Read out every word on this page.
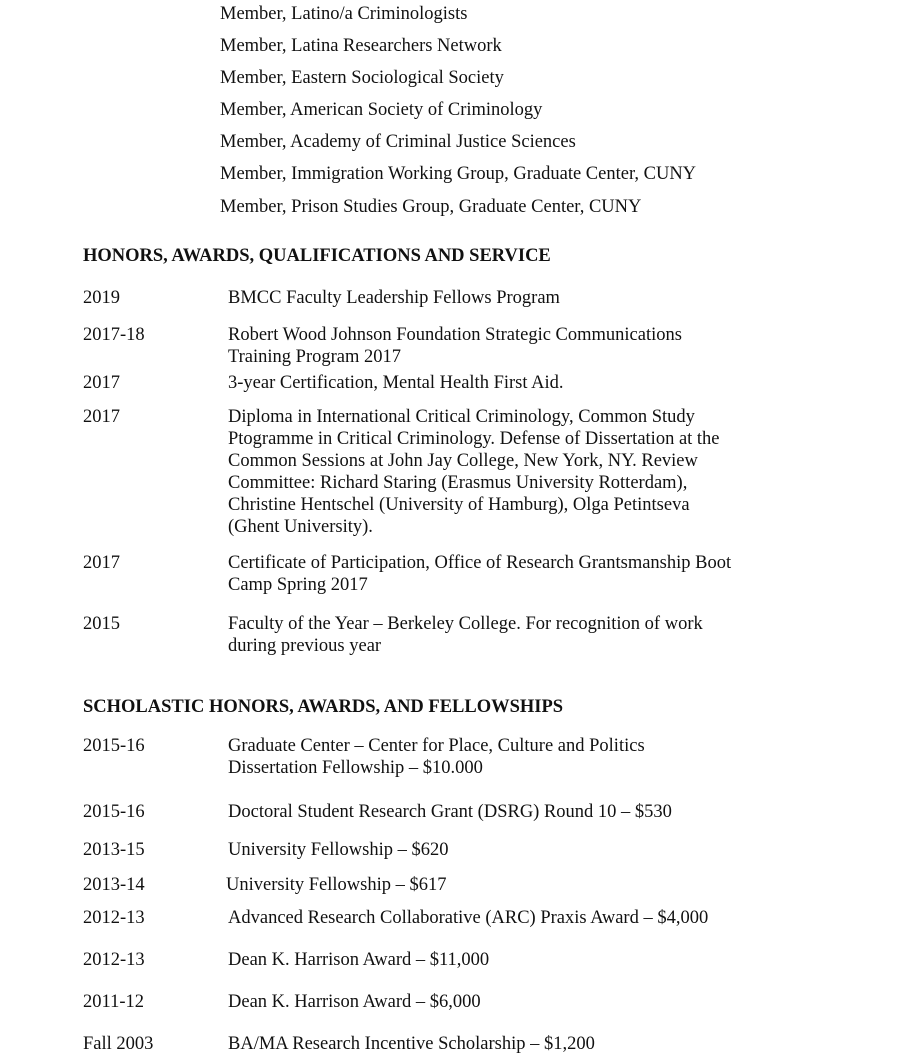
Member, Latino/a Criminologists
Member, Latina Researchers Network
Member, Eastern Sociological Society
Member, American Society of Criminology
Member, Academy of Criminal Justice Sciences
Member, Immigration Working Group, Graduate Center, CUNY
Member, Prison Studies Group, Graduate Center, CUNY
HONORS, AWARDS, QUALIFICATIONS AND SERVICE
2019	BMCC Faculty Leadership Fellows Program
2017-18	Robert Wood Johnson Foundation Strategic Communications
Training Program 2017
2017	3-year Certification, Mental Health First Aid.
2017	Diploma in International Critical Criminology, Common Study
Ptogramme in Critical Criminology. Defense of Dissertation at the
Common Sessions at John Jay College, New York, NY. Review
Committee: Richard Staring (Erasmus University Rotterdam),
Christine Hentschel (University of Hamburg), Olga Petintseva
(Ghent University).
2017	Certificate of Participation, Office of Research Grantsmanship Boot
Camp Spring 2017
2015	Faculty of the Year – Berkeley College. For recognition of work
during previous year
SCHOLASTIC HONORS, AWARDS, AND FELLOWSHIPS
2015-16	Graduate Center – Center for Place, Culture and Politics
Dissertation Fellowship – $10.000
2015-16	Doctoral Student Research Grant (DSRG) Round 10 – $530
2013-15	University Fellowship – $620
2013-14	University Fellowship – $617
2012-13	Advanced Research Collaborative (ARC) Praxis Award – $4,000
2012-13	Dean K. Harrison Award – $11,000
2011-12	Dean K. Harrison Award – $6,000
Fall 2003	BA/MA Research Incentive Scholarship – $1,200
